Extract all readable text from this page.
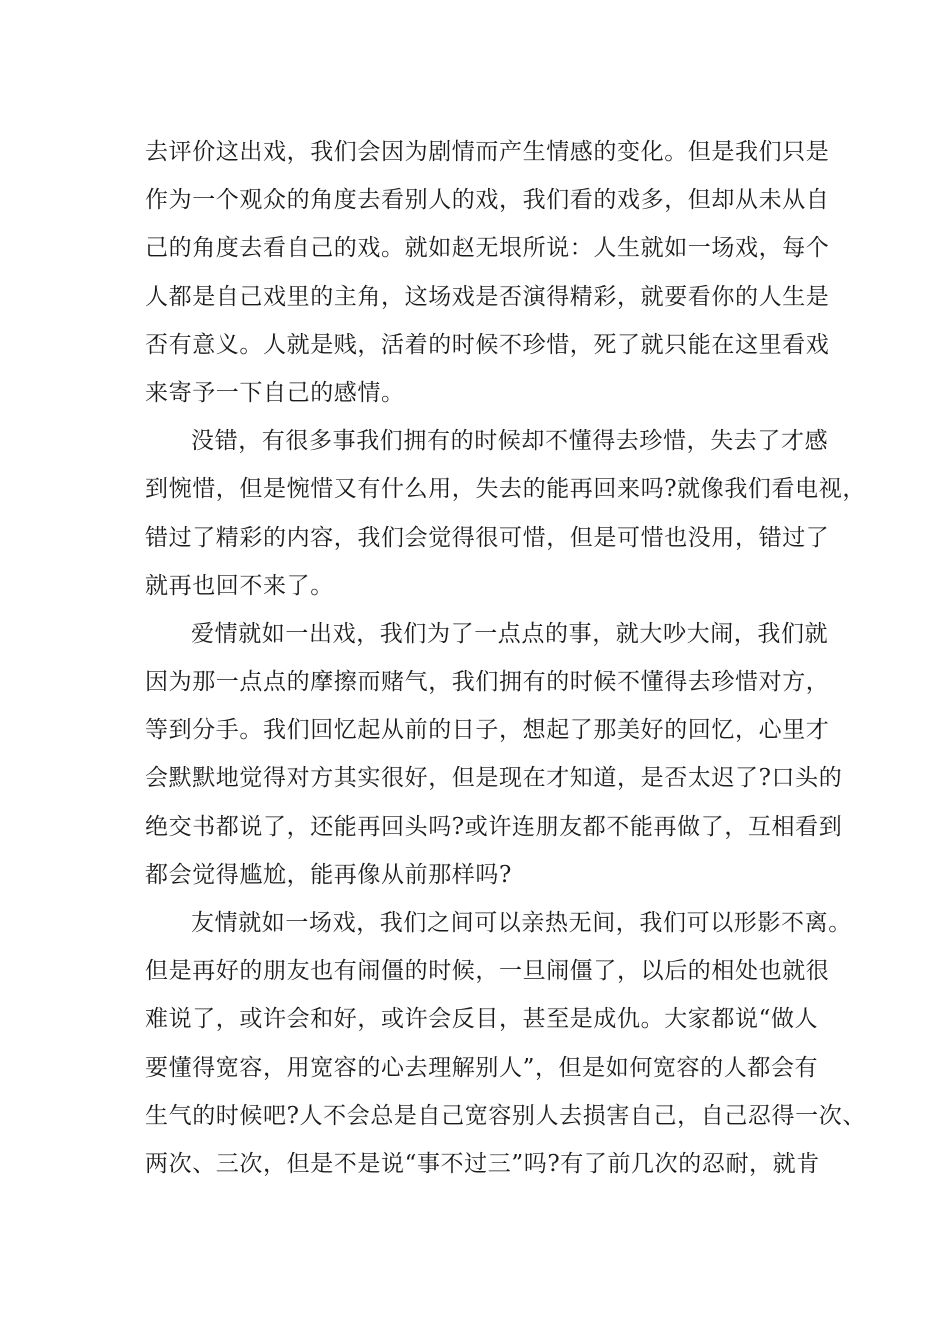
去评价这出戏，我们会因为剧情而产生情感的变化。但是我们只是
作为一个观众的角度去看别人的戏，我们看的戏多，但却从未从自
己的角度去看自己的戏。就如赵无垠所说：人生就如一场戏，每个
人都是自己戏里的主角，这场戏是否演得精彩，就要看你的人生是
否有意义。人就是贱，活着的时候不珍惜，死了就只能在这里看戏
来寄予一下自己的感情。
没错，有很多事我们拥有的时候却不懂得去珍惜，失去了才感
到惋惜，但是惋惜又有什么用，失去的能再回来吗?就像我们看电视，
错过了精彩的内容，我们会觉得很可惜，但是可惜也没用，错过了
就再也回不来了。
爱情就如一出戏，我们为了一点点的事，就大吵大闹，我们就
因为那一点点的摩擦而赌气，我们拥有的时候不懂得去珍惜对方，
等到分手。我们回忆起从前的日子，想起了那美好的回忆，心里才
会默默地觉得对方其实很好，但是现在才知道，是否太迟了?口头的
绝交书都说了，还能再回头吗?或许连朋友都不能再做了，互相看到
都会觉得尴尬，能再像从前那样吗?
友情就如一场戏，我们之间可以亲热无间，我们可以形影不离。
但是再好的朋友也有闹僵的时候，一旦闹僵了，以后的相处也就很
难说了，或许会和好，或许会反目，甚至是成仇。大家都说“做人
要懂得宽容，用宽容的心去理解别人”，但是如何宽容的人都会有
生气的时候吧?人不会总是自己宽容别人去损害自己，自己忍得一次、
两次、三次，但是不是说“事不过三”吗?有了前几次的忍耐，就肯
